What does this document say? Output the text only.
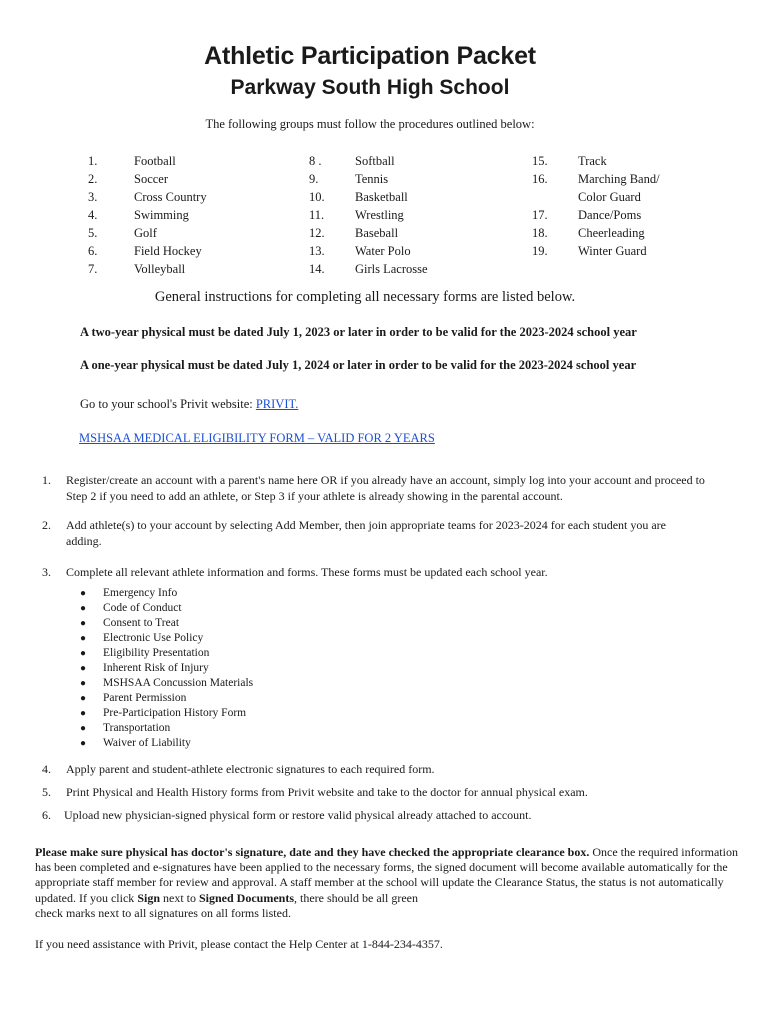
Athletic Participation Packet
Parkway South High School
The following groups must follow the procedures outlined below:
1.	Football
2.	Soccer
3.	Cross Country
4.	Swimming
5.	Golf
6.	Field Hockey
7.	Volleyball
8 .	Softball
9.	Tennis
10. Basketball
11. Wrestling
12. Baseball
13. Water Polo
14. Girls Lacrosse
15. Track
16. Marching Band/
Color Guard
17. Dance/Poms
18. Cheerleading
19. Winter Guard
General instructions for completing all necessary forms are listed below.
A two-year physical must be dated July 1, 2023 or later in order to be valid for the 2023-2024 school year
A one-year physical must be dated July 1, 2024 or later in order to be valid for the 2023-2024 school year
Go to your school's Privit website: PRIVIT.
MSHSAA MEDICAL ELIGIBILITY FORM – VALID FOR 2 YEARS
1. Register/create an account with a parent's name here OR if you already have an account, simply log into your account and proceed to Step 2 if you need to add an athlete, or Step 3 if your athlete is already showing in the parental account.
2. Add athlete(s) to your account by selecting Add Member, then join appropriate teams for 2023-2024 for each student you are adding.
3. Complete all relevant athlete information and forms. These forms must be updated each school year.
● Emergency Info
● Code of Conduct
● Consent to Treat
● Electronic Use Policy
● Eligibility Presentation
● Inherent Risk of Injury
● MSHSAA Concussion Materials
● Parent Permission
● Pre-Participation History Form
● Transportation
● Waiver of Liability
4. Apply parent and student-athlete electronic signatures to each required form.
5. Print Physical and Health History forms from Privit website and take to the doctor for annual physical exam.
6. Upload new physician-signed physical form or restore valid physical already attached to account.
Please make sure physical has doctor's signature, date and they have checked the appropriate clearance box. Once the required information has been completed and e-signatures have been applied to the necessary forms, the signed document will become available automatically for the appropriate staff member for review and approval. A staff member at the school will update the Clearance Status, the status is not automatically updated. If you click Sign next to Signed Documents, there should be all green
check marks next to all signatures on all forms listed.
If you need assistance with Privit, please contact the Help Center at 1-844-234-4357.
